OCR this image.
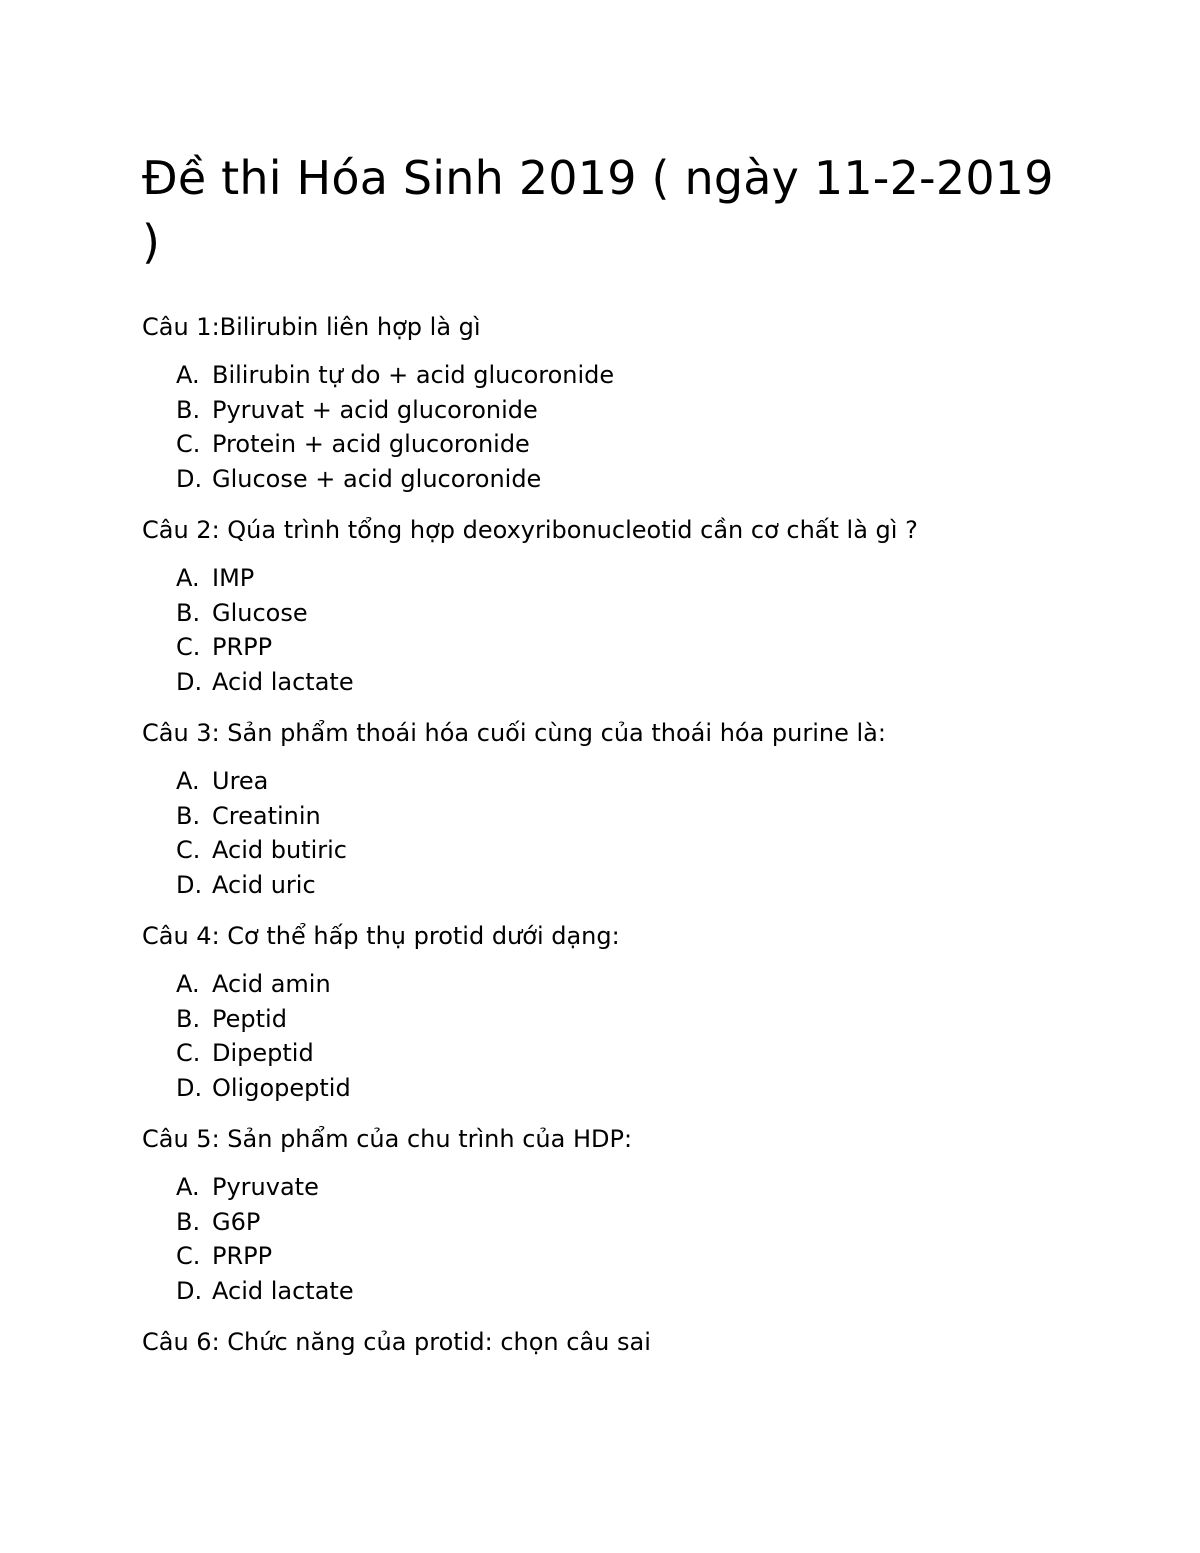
Đề thi Hóa Sinh 2019 ( ngày 11-2-2019 )

Câu 1:Bilirubin liên hợp là gì

A. Bilirubin tự do + acid glucoronide
B. Pyruvat + acid glucoronide
C. Protein + acid glucoronide
D. Glucose + acid glucoronide

Câu 2: Qúa trình tổng hợp deoxyribonucleotid cần cơ chất là gì ?

A. IMP
B. Glucose
C. PRPP
D. Acid lactate

Câu 3: Sản phẩm thoái hóa cuối cùng của thoái hóa purine là:

A. Urea
B. Creatinin
C. Acid butiric
D. Acid uric

Câu 4: Cơ thể hấp thụ protid dưới dạng:

A. Acid amin
B. Peptid
C. Dipeptid
D. Oligopeptid

Câu 5: Sản phẩm của chu trình của HDP:

A. Pyruvate
B. G6P
C. PRPP
D. Acid lactate

Câu 6: Chức năng của protid: chọn câu sai
